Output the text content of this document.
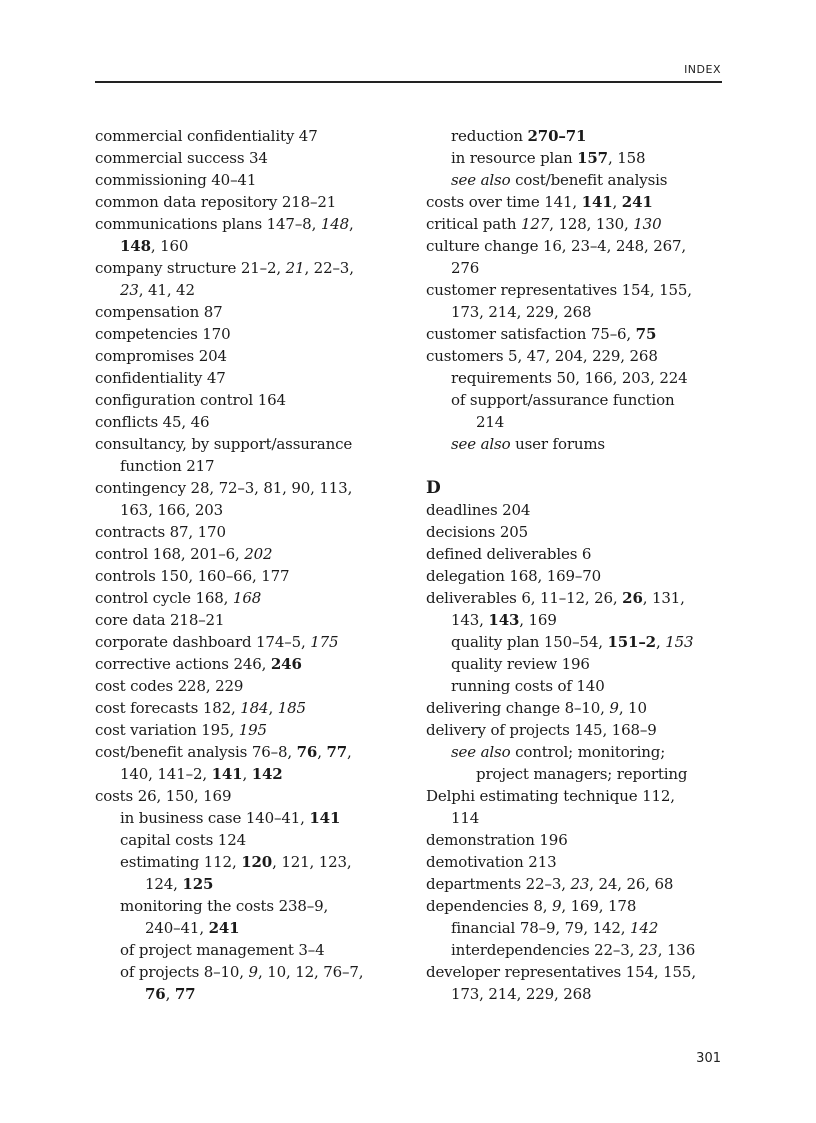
INDEX
commercial confidentiality 47
commercial success 34
commissioning 40–41
common data repository 218–21
communications plans 147–8, 148,
148, 160
company structure 21–2, 21, 22–3,
23, 41, 42
compensation 87
competencies 170
compromises 204
confidentiality 47
configuration control 164
conflicts 45, 46
consultancy, by support/assurance
function 217
contingency 28, 72–3, 81, 90, 113,
163, 166, 203
contracts 87, 170
control 168, 201–6, 202
controls 150, 160–66, 177
control cycle 168, 168
core data 218–21
corporate dashboard 174–5, 175
corrective actions 246, 246
cost codes 228, 229
cost forecasts 182, 184, 185
cost variation 195, 195
cost/benefit analysis 76–8, 76, 77,
140, 141–2, 141, 142
costs 26, 150, 169
in business case 140–41, 141
capital costs 124
estimating 112, 120, 121, 123,
124, 125
monitoring the costs 238–9,
240–41, 241
of project management 3–4
of projects 8–10, 9, 10, 12, 76–7,
76, 77
reduction 270–71
in resource plan 157, 158
see also cost/benefit analysis
costs over time 141, 141, 241
critical path 127, 128, 130, 130
culture change 16, 23–4, 248, 267,
276
customer representatives 154, 155,
173, 214, 229, 268
customer satisfaction 75–6, 75
customers 5, 47, 204, 229, 268
requirements 50, 166, 203, 224
of support/assurance function
214
see also user forums
D
deadlines 204
decisions 205
defined deliverables 6
delegation 168, 169–70
deliverables 6, 11–12, 26, 26, 131,
143, 143, 169
quality plan 150–54, 151–2, 153
quality review 196
running costs of 140
delivering change 8–10, 9, 10
delivery of projects 145, 168–9
see also control; monitoring;
project managers; reporting
Delphi estimating technique 112,
114
demonstration 196
demotivation 213
departments 22–3, 23, 24, 26, 68
dependencies 8, 9, 169, 178
financial 78–9, 79, 142, 142
interdependencies 22–3, 23, 136
developer representatives 154, 155,
173, 214, 229, 268
301
